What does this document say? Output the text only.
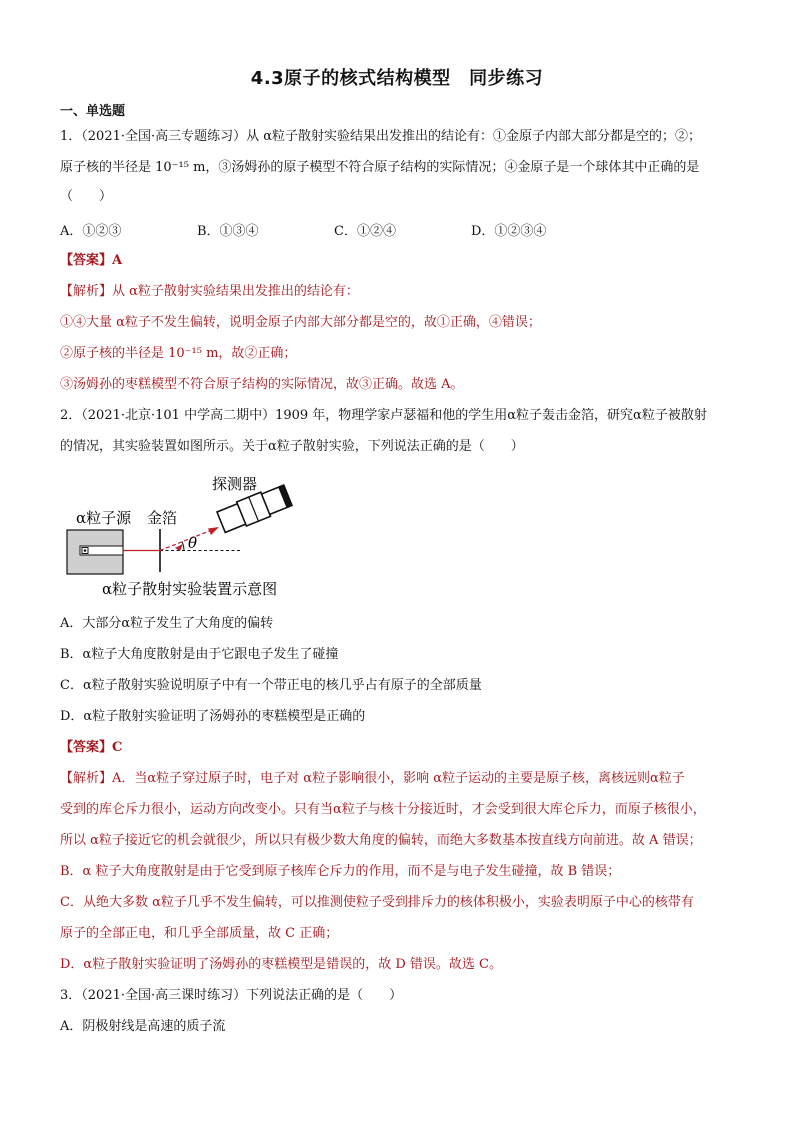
4.3原子的核式结构模型　同步练习
一、单选题
1．（2021·全国·高三专题练习）从 α粒子散射实验结果出发推出的结论有：①金原子内部大部分都是空的；②；
原子核的半径是 10⁻¹⁵ m，③汤姆孙的原子模型不符合原子结构的实际情况；④金原子是一个球体其中正确的是
（　　）
A．①②③	B．①③④	C．①②④	D．①②③④
【答案】A
【解析】从 α粒子散射实验结果出发推出的结论有：
①④大量 α粒子不发生偏转，说明金原子内部大部分都是空的，故①正确，④错误；
②原子核的半径是 10⁻¹⁵ m，故②正确；
③汤姆孙的枣糕模型不符合原子结构的实际情况，故③正确。故选 A。
2．（2021·北京·101 中学高二期中）1909 年，物理学家卢瑟福和他的学生用α粒子轰击金箔，研究α粒子被散射
的情况，其实验装置如图所示。关于α粒子散射实验，下列说法正确的是（　　）
θ
α粒子源 金箔
探测器
α粒子散射实验装置示意图
A．大部分α粒子发生了大角度的偏转
B．α粒子大角度散射是由于它跟电子发生了碰撞
C．α粒子散射实验说明原子中有一个带正电的核几乎占有原子的全部质量
D．α粒子散射实验证明了汤姆孙的枣糕模型是正确的
【答案】C
【解析】A．当α粒子穿过原子时，电子对 α粒子影响很小，影响 α粒子运动的主要是原子核，离核远则α粒子
受到的库仑斥力很小，运动方向改变小。只有当α粒子与核十分接近时，才会受到很大库仑斥力，而原子核很小，
所以 α粒子接近它的机会就很少，所以只有极少数大角度的偏转，而绝大多数基本按直线方向前进。故 A 错误；
B．α 粒子大角度散射是由于它受到原子核库仑斥力的作用，而不是与电子发生碰撞，故 B 错误；
C．从绝大多数 α粒子几乎不发生偏转，可以推测使粒子受到排斥力的核体积极小，实验表明原子中心的核带有
原子的全部正电，和几乎全部质量，故 C 正确；
D．α粒子散射实验证明了汤姆孙的枣糕模型是错误的，故 D 错误。故选 C。
3．（2021·全国·高三课时练习）下列说法正确的是（　　）
A．阴极射线是高速的质子流
